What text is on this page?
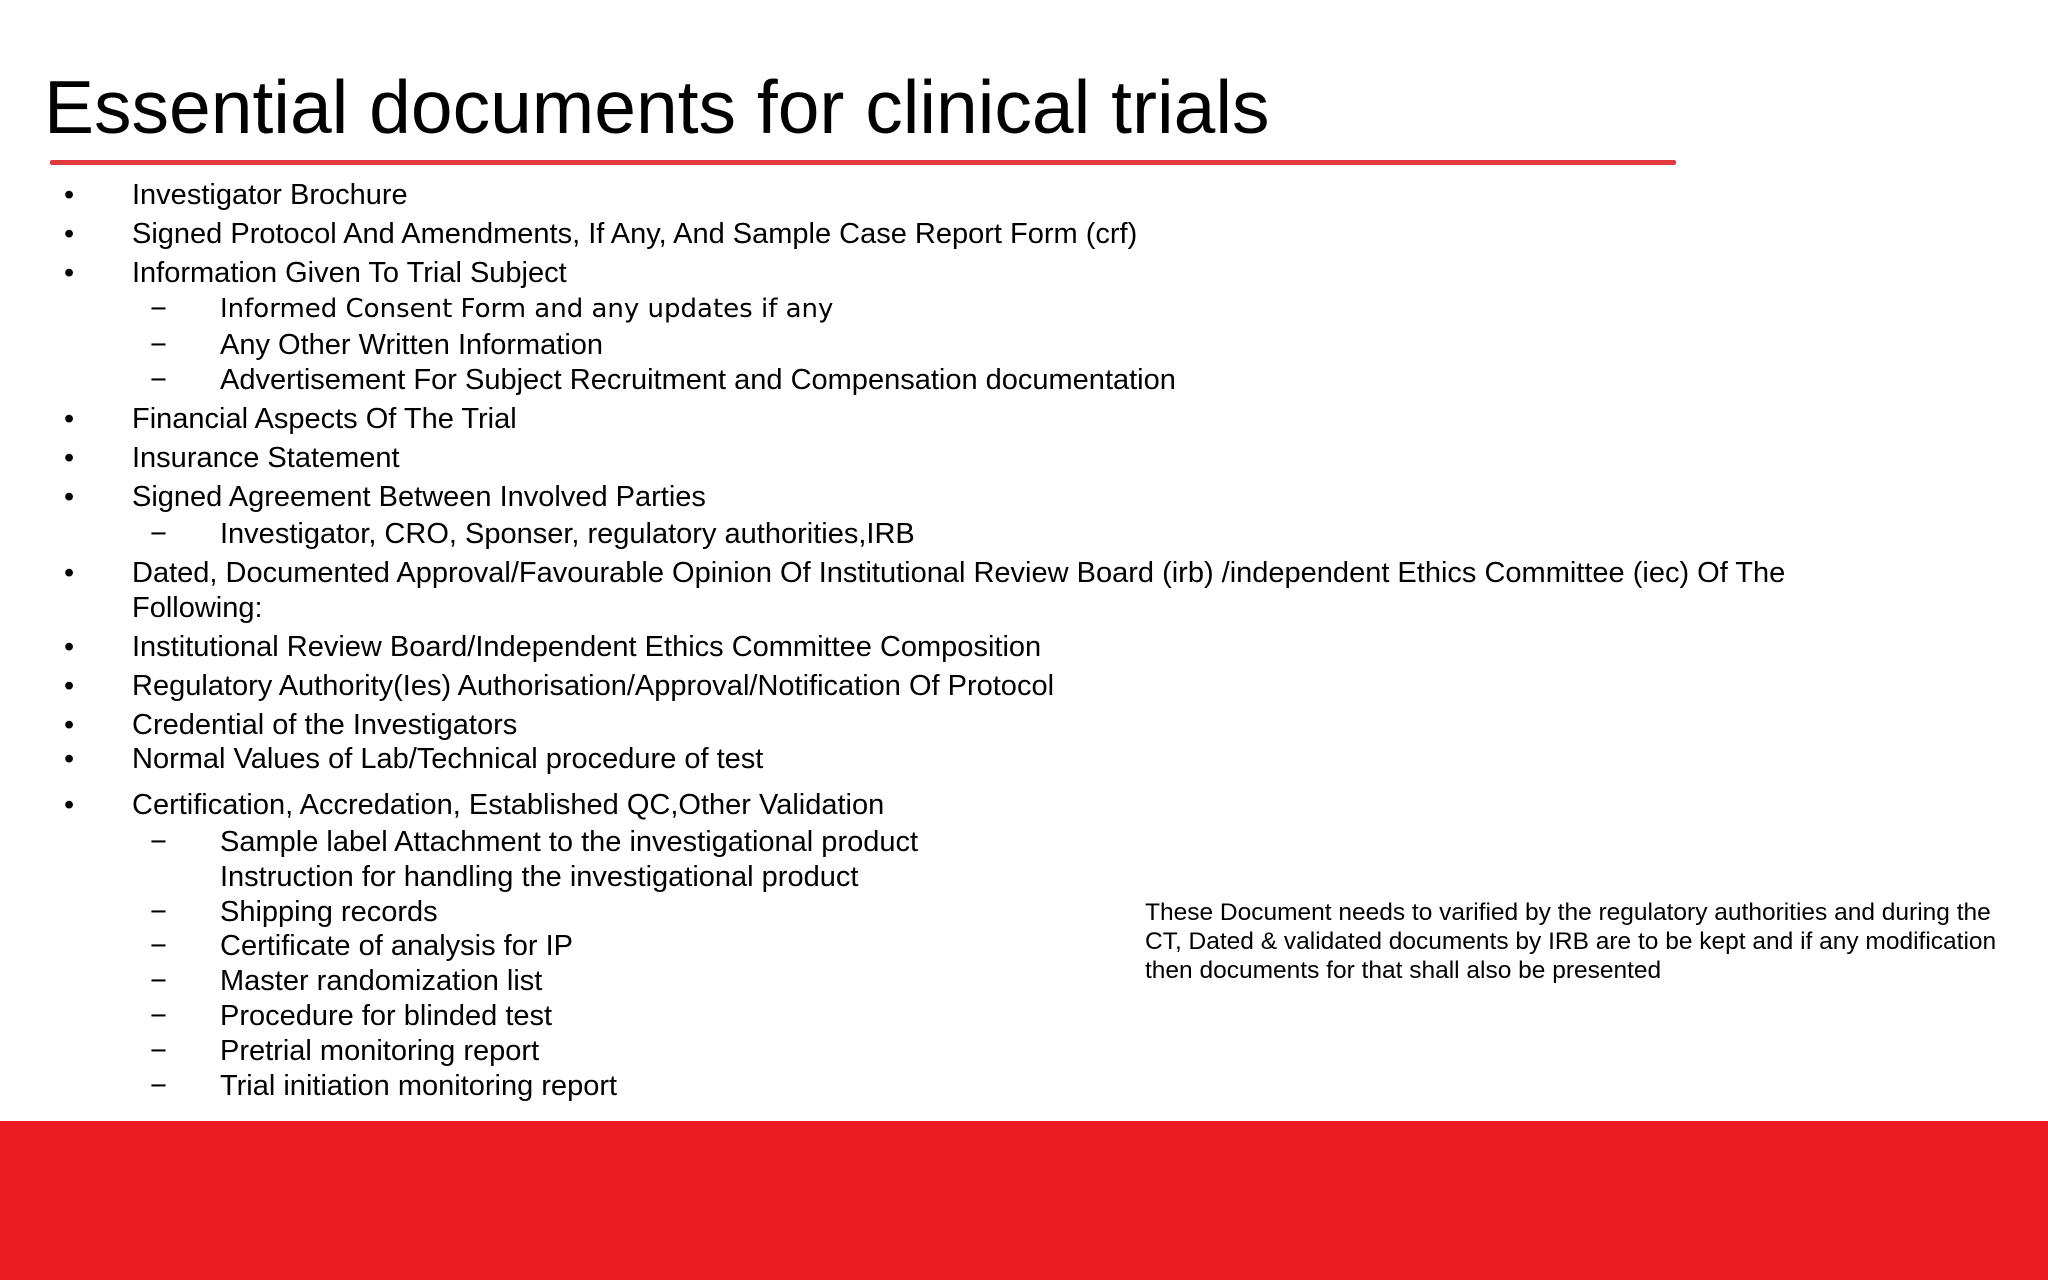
Essential documents for clinical trials
• Investigator Brochure
• Signed Protocol And Amendments, If Any, And Sample Case Report Form (crf)
• Information Given To Trial Subject
− Informed Consent Form and any updates if any
− Any Other Written Information
− Advertisement For Subject Recruitment and Compensation documentation
• Financial Aspects Of The Trial
• Insurance Statement
• Signed Agreement Between Involved Parties
− Investigator, CRO, Sponser, regulatory authorities,IRB
• Dated, Documented Approval/Favourable Opinion Of Institutional Review Board (irb) /independent Ethics Committee (iec) Of The
Following:
• Institutional Review Board/Independent Ethics Committee Composition
• Regulatory Authority(Ies) Authorisation/Approval/Notification Of Protocol
• Credential of the Investigators
• Normal Values of Lab/Technical procedure of test
• Certification, Accredation, Established QC,Other Validation
− Sample label Attachment to the investigational product
Instruction for handling the investigational product
− Shipping records
− Certificate of analysis for IP
− Master randomization list
− Procedure for blinded test
− Pretrial monitoring report
− Trial initiation monitoring report
These Document needs to varified by the regulatory authorities and during the CT, Dated & validated documents by IRB are to be kept and if any modification then documents for that shall also be presented
